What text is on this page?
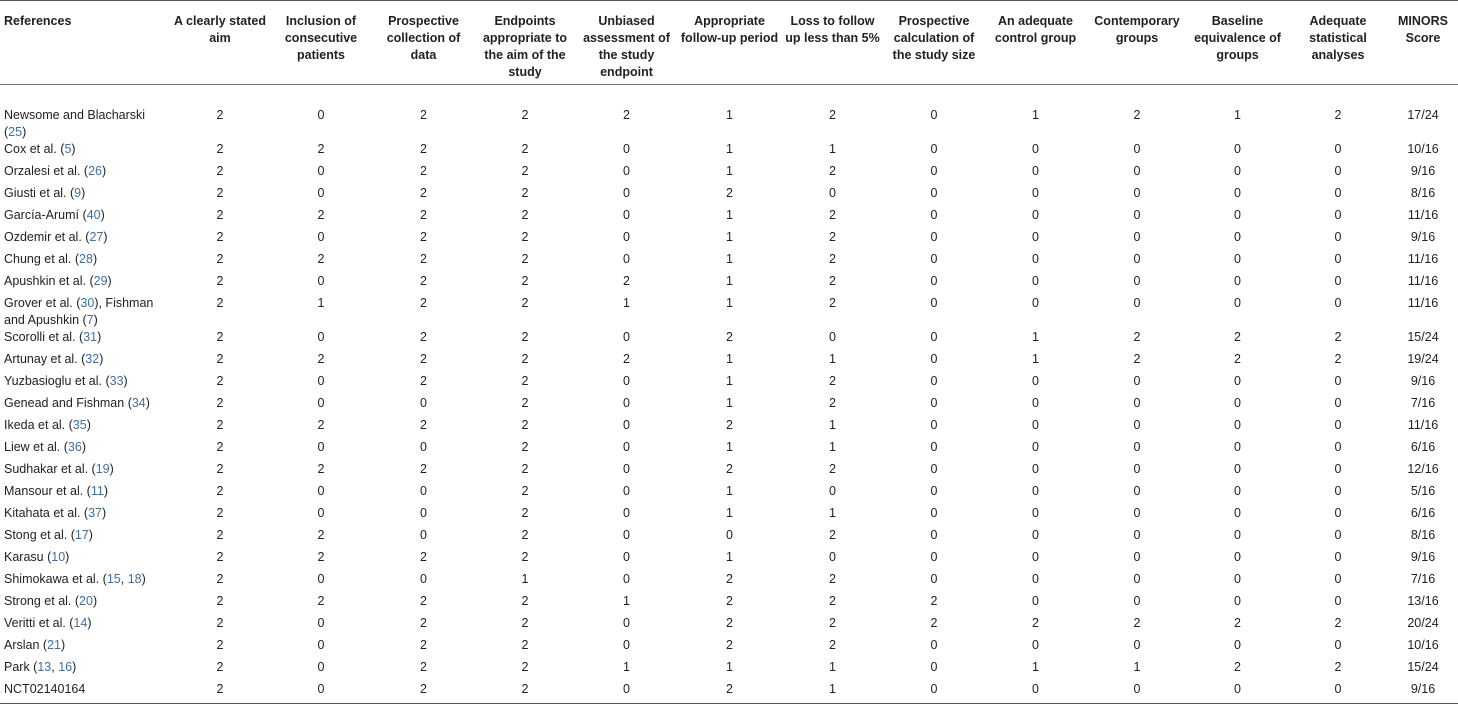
References	A clearly stated aim	Inclusion of consecutive patients	Prospective collection of data	Endpoints appropriate to the aim of the study	Unbiased assessment of the study endpoint	Appropriate follow-up period	Loss to follow up less than 5%	Prospective calculation of the study size	An adequate control group	Contemporary groups	Baseline equivalence of groups	Adequate statistical analyses	MINORS Score
Newsome and Blacharski (25)	2	0	2	2	2	1	2	0	1	2	1	2	17/24
Cox et al. (5)	2	2	2	2	0	1	1	0	0	0	0	0	10/16
Orzalesi et al. (26)	2	0	2	2	0	1	2	0	0	0	0	0	9/16
Giusti et al. (9)	2	0	2	2	0	2	0	0	0	0	0	0	8/16
García-Arumí (40)	2	2	2	2	0	1	2	0	0	0	0	0	11/16
Ozdemir et al. (27)	2	0	2	2	0	1	2	0	0	0	0	0	9/16
Chung et al. (28)	2	2	2	2	0	1	2	0	0	0	0	0	11/16
Apushkin et al. (29)	2	0	2	2	2	1	2	0	0	0	0	0	11/16
Grover et al. (30), Fishman and Apushkin (7)	2	1	2	2	1	1	2	0	0	0	0	0	11/16
Scorolli et al. (31)	2	0	2	2	0	2	0	0	1	2	2	2	15/24
Artunay et al. (32)	2	2	2	2	2	1	1	0	1	2	2	2	19/24
Yuzbasioglu et al. (33)	2	0	2	2	0	1	2	0	0	0	0	0	9/16
Genead and Fishman (34)	2	0	0	2	0	1	2	0	0	0	0	0	7/16
Ikeda et al. (35)	2	2	2	2	0	2	1	0	0	0	0	0	11/16
Liew et al. (36)	2	0	0	2	0	1	1	0	0	0	0	0	6/16
Sudhakar et al. (19)	2	2	2	2	0	2	2	0	0	0	0	0	12/16
Mansour et al. (11)	2	0	0	2	0	1	0	0	0	0	0	0	5/16
Kitahata et al. (37)	2	0	0	2	0	1	1	0	0	0	0	0	6/16
Stong et al. (17)	2	2	0	2	0	0	2	0	0	0	0	0	8/16
Karasu (10)	2	2	2	2	0	1	0	0	0	0	0	0	9/16
Shimokawa et al. (15, 18)	2	0	0	1	0	2	2	0	0	0	0	0	7/16
Strong et al. (20)	2	2	2	2	1	2	2	2	0	0	0	0	13/16
Veritti et al. (14)	2	0	2	2	0	2	2	2	2	2	2	2	20/24
Arslan (21)	2	0	2	2	0	2	2	0	0	0	0	0	10/16
Park (13, 16)	2	0	2	2	1	1	1	0	1	1	2	2	15/24
NCT02140164	2	0	2	2	0	2	1	0	0	0	0	0	9/16
